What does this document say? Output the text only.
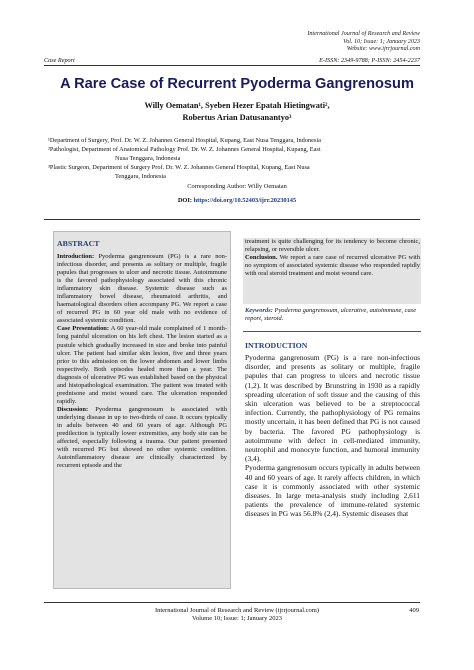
International Journal of Research and Review
Vol. 10; Issue: 1; January 2023
Website: www.ijrrjournal.com
Case Report	E-ISSN: 2349-9788; P-ISSN: 2454-2237
A Rare Case of Recurrent Pyoderma Gangrenosum
Willy Oematan¹, Syeben Hezer Epatah Hietingwati²,
Robertus Arian Datusanantyo³

¹Department of Surgery, Prof. Dr. W. Z. Johannes General Hospital, Kupang, East Nusa Tenggara, Indonesia

²Pathologist, Department of Anatomical Pathology Prof. Dr. W. Z. Johannes General Hospital, Kupang, East

Nusa Tenggara, Indonesia

³Plastic Surgeon, Department of Surgery Prof. Dr. W. Z. Johannes General Hospital, Kupang, East Nusa

Tenggara, Indonesia

Corresponding Author: Willy Oematan
DOI: https://doi.org/10.52403/ijrr.20230145
ABSTRACT

Introduction: Pyoderma gangrenosum (PG) is a rare non-infectious disorder, and presents as solitary or multiple, fragile papules that progresses to ulcer and necrotic tissue. Autoimmune is the favored pathophysiology associated with this chronic inflammatory skin disease. Systemic disease such as inflammatory bowel disease, rheumatoid arthritis, and haematological disorders often accompany PG. We report a case of recurred PG in 60 year old male with no evidence of associated systemic condition.

Case Presentation: A 60 year-old male complained of 1 month-long painful ulceration on his left chest. The lesion started as a pustule which gradually increased in size and broke into painful ulcer. The patient had similar skin lesion, five and three years prior to this admission on the lower abdomen and lower limbs respectively. Both episodes healed more than a year. The diagnosis of ulcerative PG was established based on the physical and histopathological examination. The patient was treated with prednisone and moist wound care. The ulceration responded rapidly.

Discussion: Pyoderma gangrenosum is associated with underlying disease in up to two-thirds of case. It occurs typically in adults between 40 and 60 years of age. Although PG predilection is typically lower extremities, any body site can be affected, especially following a trauma. Our patient presented with recurred PG but showed no other systemic condition. Autoinflammatory disease are clinically characterized by recurrent episode and the

treatment is quite challenging for its tendency to become chronic, relapsing, or reversible ulcer.

Conclusion. We report a rare case of recurred ulcerative PG with no symptom of associated systemic disease who responded rapidly with oral steroid treatment and moist wound care.

Keywords: Pyoderma gangrenosum, ulcerative, autoimmune, case report, steroid.
INTRODUCTION

Pyoderma gangrenosum (PG) is a rare non-infectious disorder, and presents as solitary or multiple, fragile papules that can progress to ulcers and necrotic tissue (1,2). It was described by Brunstring in 1930 as a rapidly spreading ulceration of soft tissue and the causing of this skin ulceration was believed to be a streptococcal infection. Currently, the pathophysiology of PG remains mostly uncertain, it has been defined that PG is not caused by bacteria. The favored PG pathophysiology is autoimmune with defect in cell-mediated immunity, neutrophil and monocyte function, and humoral immunity (3,4).

Pyoderma gangrenosum occurs typically in adults between 40 and 60 years of age. It rarely affects children, in which case it is commonly associated with other systemic diseases. In large meta-analysis study including 2,611 patients the prevalence of immune-related systemic diseases in PG was 56.8% (2,4). Systemic diseases that

International Journal of Research and Review (ijrrjournal.com)
Volume 10; Issue: 1; January 2023
409
